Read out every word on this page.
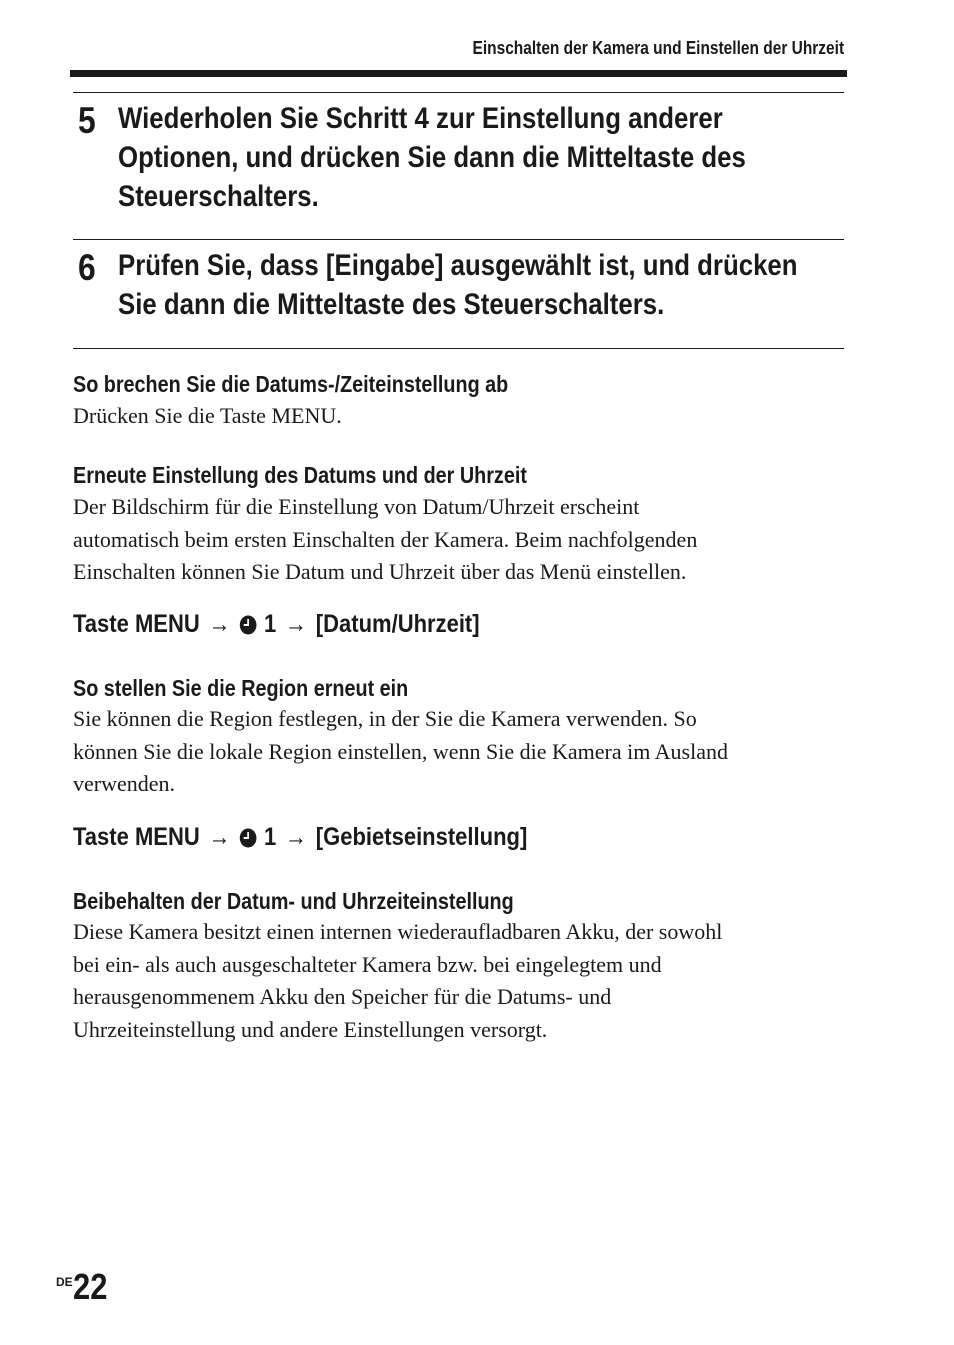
Einschalten der Kamera und Einstellen der Uhrzeit
5 Wiederholen Sie Schritt 4 zur Einstellung anderer
Optionen, und drücken Sie dann die Mitteltaste des
Steuerschalters.
6 Prüfen Sie, dass [Eingabe] ausgewählt ist, und drücken
Sie dann die Mitteltaste des Steuerschalters.
So brechen Sie die Datums-/Zeiteinstellung ab
Drücken Sie die Taste MENU.
Erneute Einstellung des Datums und der Uhrzeit
Der Bildschirm für die Einstellung von Datum/Uhrzeit erscheint
automatisch beim ersten Einschalten der Kamera. Beim nachfolgenden
Einschalten können Sie Datum und Uhrzeit über das Menü einstellen.
Taste MENU → 1 → [Datum/Uhrzeit]
So stellen Sie die Region erneut ein
Sie können die Region festlegen, in der Sie die Kamera verwenden. So
können Sie die lokale Region einstellen, wenn Sie die Kamera im Ausland
verwenden.
Taste MENU → 1 → [Gebietseinstellung]
Beibehalten der Datum- und Uhrzeiteinstellung
Diese Kamera besitzt einen internen wiederaufladbaren Akku, der sowohl
bei ein- als auch ausgeschalteter Kamera bzw. bei eingelegtem und
herausgenommenem Akku den Speicher für die Datums- und
Uhrzeiteinstellung und andere Einstellungen versorgt.
DE 22
